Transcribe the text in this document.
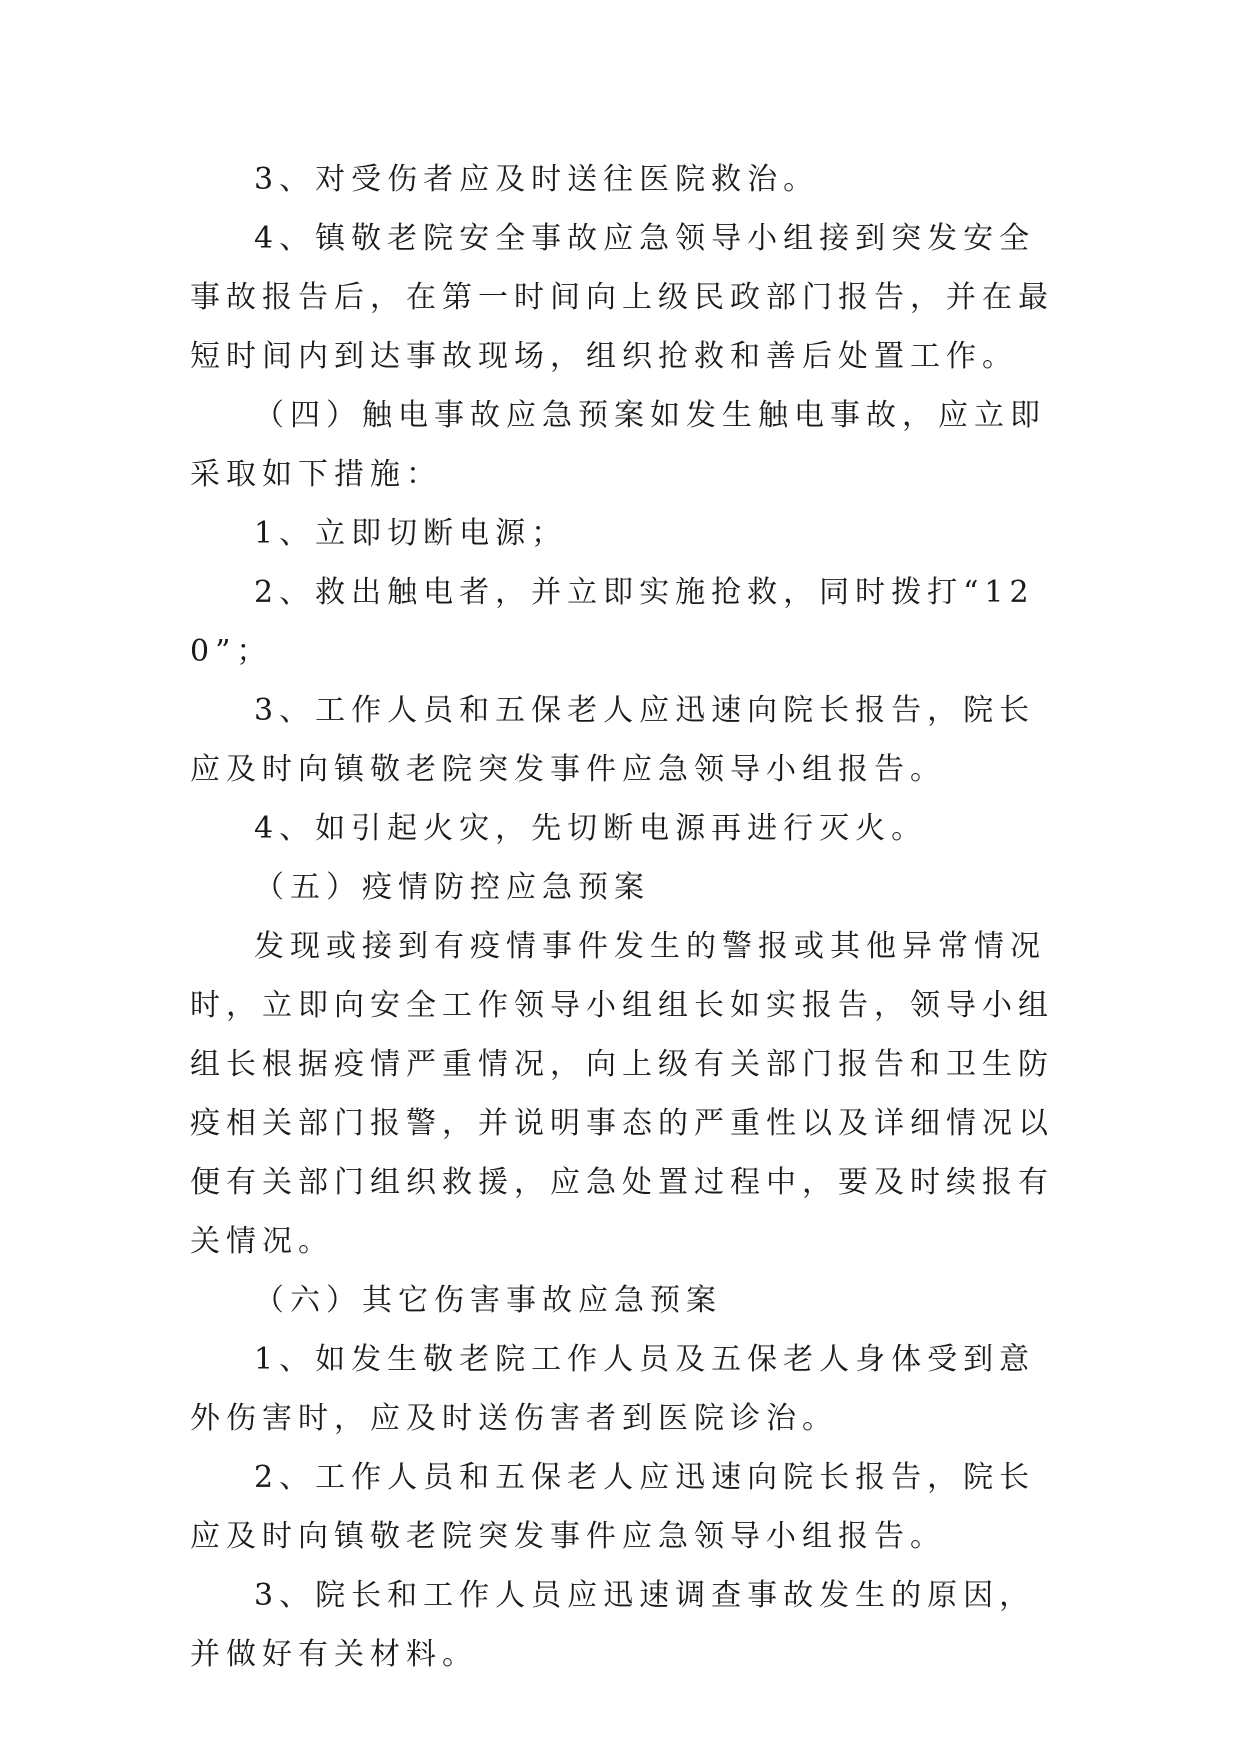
3、对受伤者应及时送往医院救治。

4、镇敬老院安全事故应急领导小组接到突发安全事故报告后，在第一时间向上级民政部门报告，并在最短时间内到达事故现场，组织抢救和善后处置工作。

（四）触电事故应急预案如发生触电事故，应立即采取如下措施：

1、立即切断电源；

2、救出触电者，并立即实施抢救，同时拨打“120”；

3、工作人员和五保老人应迅速向院长报告，院长应及时向镇敬老院突发事件应急领导小组报告。

4、如引起火灾，先切断电源再进行灭火。

（五）疫情防控应急预案

发现或接到有疫情事件发生的警报或其他异常情况时，立即向安全工作领导小组组长如实报告，领导小组组长根据疫情严重情况，向上级有关部门报告和卫生防疫相关部门报警，并说明事态的严重性以及详细情况以便有关部门组织救援，应急处置过程中，要及时续报有关情况。

（六）其它伤害事故应急预案

1、如发生敬老院工作人员及五保老人身体受到意外伤害时，应及时送伤害者到医院诊治。

2、工作人员和五保老人应迅速向院长报告，院长应及时向镇敬老院突发事件应急领导小组报告。

3、院长和工作人员应迅速调查事故发生的原因，并做好有关材料。
